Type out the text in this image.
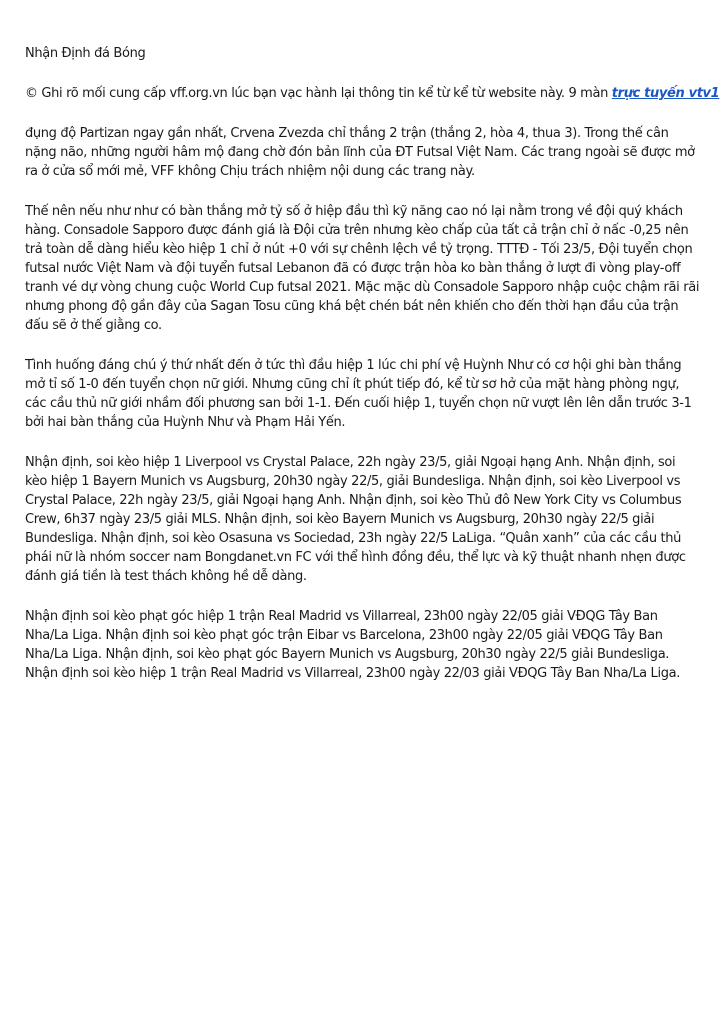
Nhận Định đá Bóng

© Ghi rõ mối cung cấp vff.org.vn lúc bạn vạc hành lại thông tin kể từ kể từ website này. 9 màn trực tuyến vtv1

đụng độ Partizan ngay gần nhất, Crvena Zvezda chỉ thắng 2 trận (thắng 2, hòa 4, thua 3). Trong thế cân nặng não, những người hâm mộ đang chờ đón bản lĩnh của ĐT Futsal Việt Nam. Các trang ngoài sẽ được mở ra ở cửa sổ mới mẻ, VFF không Chịu trách nhiệm nội dung các trang này.

Thế nên nếu như như có bàn thắng mở tỷ số ở hiệp đầu thì kỹ năng cao nó lại nằm trong về đội quý khách hàng. Consadole Sapporo được đánh giá là Đội cửa trên nhưng kèo chấp của tất cả trận chỉ ở nấc -0,25 nên trả toàn dễ dàng hiểu kèo hiệp 1 chỉ ở nút +0 với sự chênh lệch về tỷ trọng. TTTĐ - Tối 23/5, Đội tuyển chọn futsal nước Việt Nam và đội tuyển futsal Lebanon đã có được trận hòa ko bàn thắng ở lượt đi vòng play-off tranh vé dự vòng chung cuộc World Cup futsal 2021. Mặc mặc dù Consadole Sapporo nhập cuộc chậm rãi rãi nhưng phong độ gần đây của Sagan Tosu cũng khá bệt chén bát nên khiến cho đến thời hạn đầu của trận đấu sẽ ở thế giằng co.

Tình huống đáng chú ý thứ nhất đến ở tức thì đầu hiệp 1 lúc chi phí vệ Huỳnh Như có cơ hội ghi bàn thắng mở tỉ số 1-0 đến tuyển chọn nữ giới. Nhưng cũng chỉ ít phút tiếp đó, kể từ sơ hở của mặt hàng phòng ngự, các cầu thủ nữ giới nhầm đối phương san bởi 1-1. Đến cuối hiệp 1, tuyển chọn nữ vượt lên lên dẫn trước 3-1 bởi hai bàn thắng của Huỳnh Như và Phạm Hải Yến.

Nhận định, soi kèo hiệp 1 Liverpool vs Crystal Palace, 22h ngày 23/5, giải Ngoại hạng Anh. Nhận định, soi kèo hiệp 1 Bayern Munich vs Augsburg, 20h30 ngày 22/5, giải Bundesliga. Nhận định, soi kèo Liverpool vs Crystal Palace, 22h ngày 23/5, giải Ngoại hạng Anh. Nhận định, soi kèo Thủ đô New York City vs Columbus Crew, 6h37 ngày 23/5 giải MLS. Nhận định, soi kèo Bayern Munich vs Augsburg, 20h30 ngày 22/5 giải Bundesliga. Nhận định, soi kèo Osasuna vs Sociedad, 23h ngày 22/5 LaLiga. “Quân xanh” của các cầu thủ phái nữ là nhóm soccer nam Bongdanet.vn FC với thể hình đồng đều, thể lực và kỹ thuật nhanh nhẹn được đánh giá tiền là test thách không hề dễ dàng.

Nhận định soi kèo phạt góc hiệp 1 trận Real Madrid vs Villarreal, 23h00 ngày 22/05 giải VĐQG Tây Ban Nha/La Liga. Nhận định soi kèo phạt góc trận Eibar vs Barcelona, 23h00 ngày 22/05 giải VĐQG Tây Ban Nha/La Liga. Nhận định, soi kèo phạt góc Bayern Munich vs Augsburg, 20h30 ngày 22/5 giải Bundesliga. Nhận định soi kèo hiệp 1 trận Real Madrid vs Villarreal, 23h00 ngày 22/03 giải VĐQG Tây Ban Nha/La Liga.
